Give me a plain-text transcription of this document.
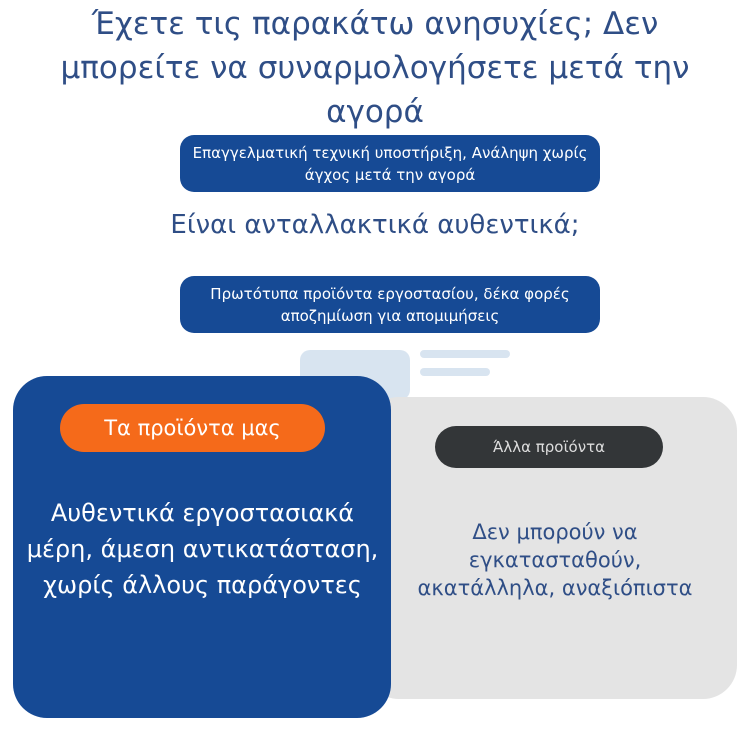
Έχετε τις παρακάτω ανησυχίες; Δεν μπορείτε να συναρμολογήσετε μετά την αγορά
Επαγγελματική τεχνική υποστήριξη, Ανάληψη χωρίς άγχος μετά την αγορά
Είναι ανταλλακτικά αυθεντικά;
Πρωτότυπα προϊόντα εργοστασίου, δέκα φορές αποζημίωση για απομιμήσεις
Τα προϊόντα μας
Άλλα προϊόντα
Αυθεντικά εργοστασιακά μέρη, άμεση αντικατάσταση, χωρίς άλλους παράγοντες
Δεν μπορούν να εγκατασταθούν, ακατάλληλα, αναξιόπιστα
